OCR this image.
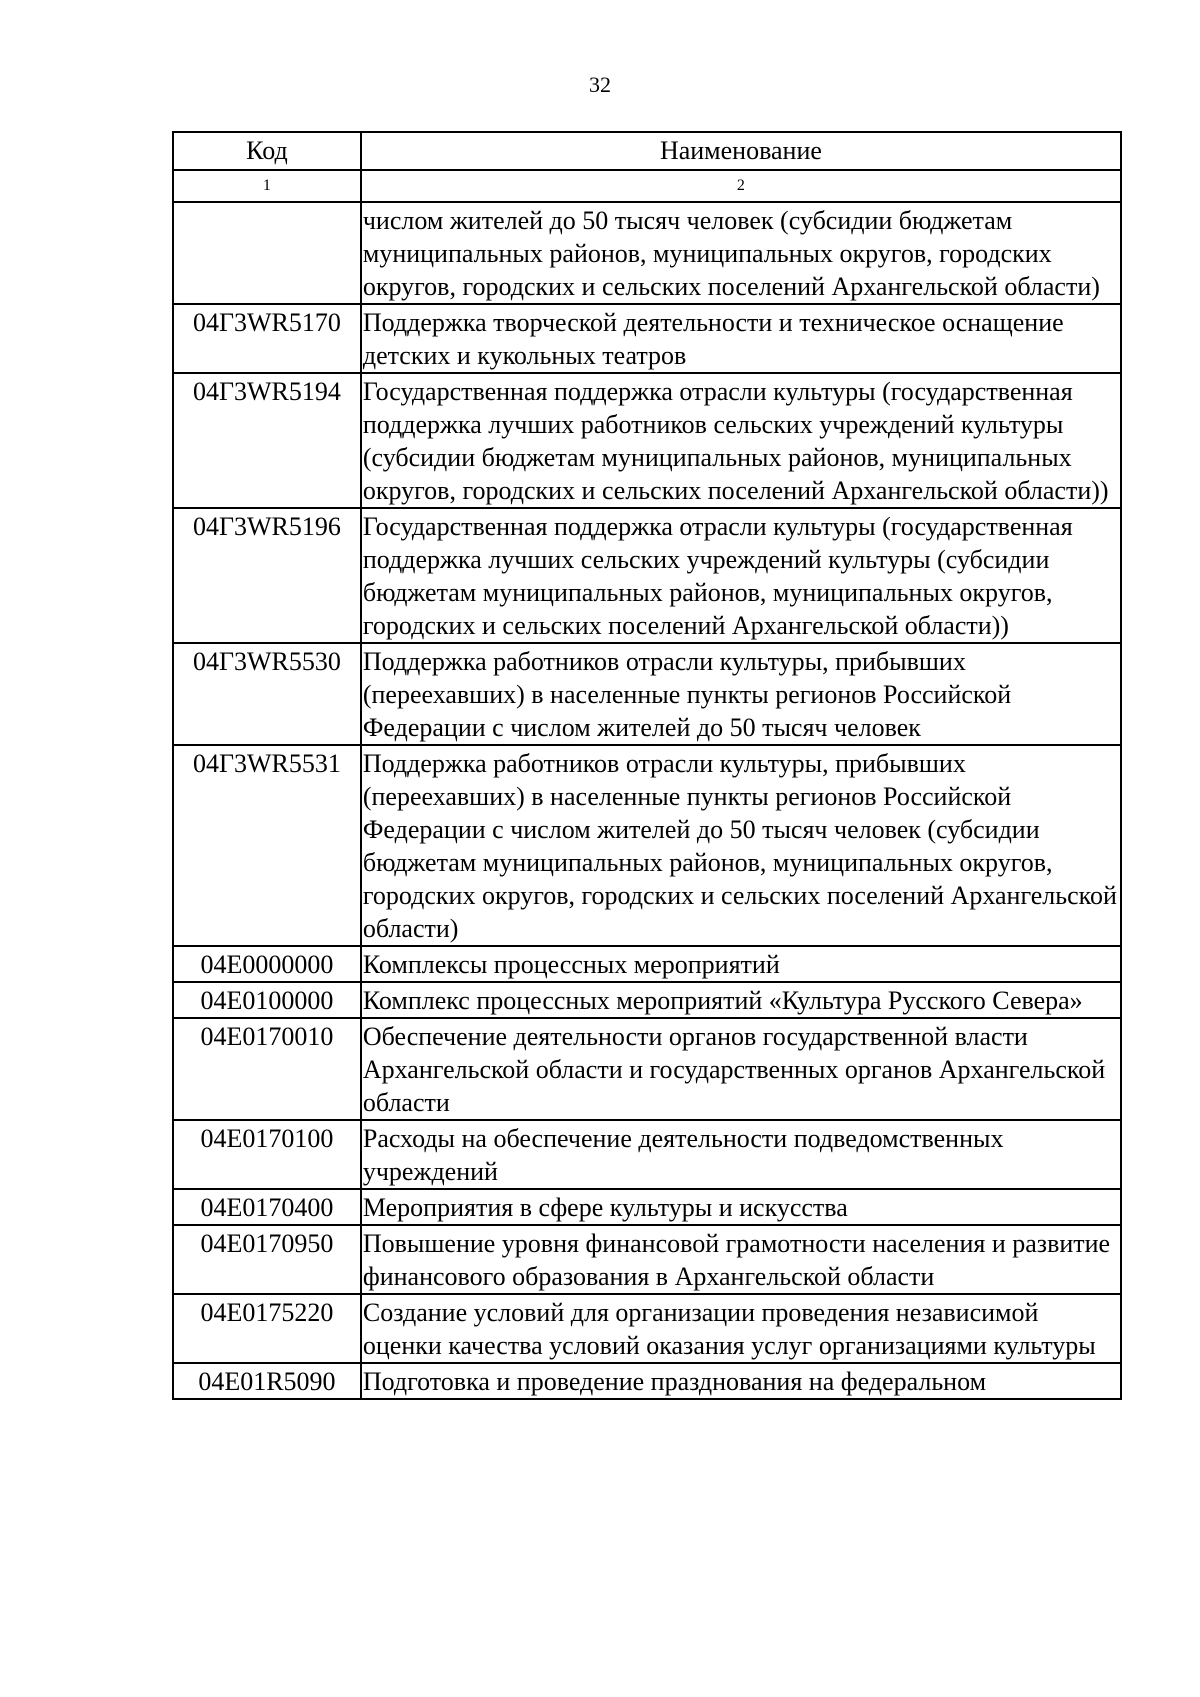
32
Код	Наименование
1	2
	числом жителей до 50 тысяч человек (субсидии бюджетам муниципальных районов, муниципальных округов, городских округов, городских и сельских поселений Архангельской области)
04Г3WR5170	Поддержка творческой деятельности и техническое оснащение детских и кукольных театров
04Г3WR5194	Государственная поддержка отрасли культуры (государственная поддержка лучших работников сельских учреждений культуры (субсидии бюджетам муниципальных районов, муниципальных округов, городских и сельских поселений Архангельской области))
04Г3WR5196	Государственная поддержка отрасли культуры (государственная поддержка лучших сельских учреждений культуры (субсидии бюджетам муниципальных районов, муниципальных округов, городских и сельских поселений Архангельской области))
04Г3WR5530	Поддержка работников отрасли культуры, прибывших (переехавших) в населенные пункты регионов Российской Федерации с числом жителей до 50 тысяч человек
04Г3WR5531	Поддержка работников отрасли культуры, прибывших (переехавших) в населенные пункты регионов Российской Федерации с числом жителей до 50 тысяч человек (субсидии бюджетам муниципальных районов, муниципальных округов, городских округов, городских и сельских поселений Архангельской области)
04Е0000000	Комплексы процессных мероприятий
04Е0100000	Комплекс процессных мероприятий «Культура Русского Севера»
04Е0170010	Обеспечение деятельности органов государственной власти Архангельской области и государственных органов Архангельской области
04Е0170100	Расходы на обеспечение деятельности подведомственных учреждений
04Е0170400	Мероприятия в сфере культуры и искусства
04Е0170950	Повышение уровня финансовой грамотности населения и развитие финансового образования в Архангельской области
04Е0175220	Создание условий для организации проведения независимой оценки качества условий оказания услуг организациями культуры
04Е01R5090	Подготовка и проведение празднования на федеральном
